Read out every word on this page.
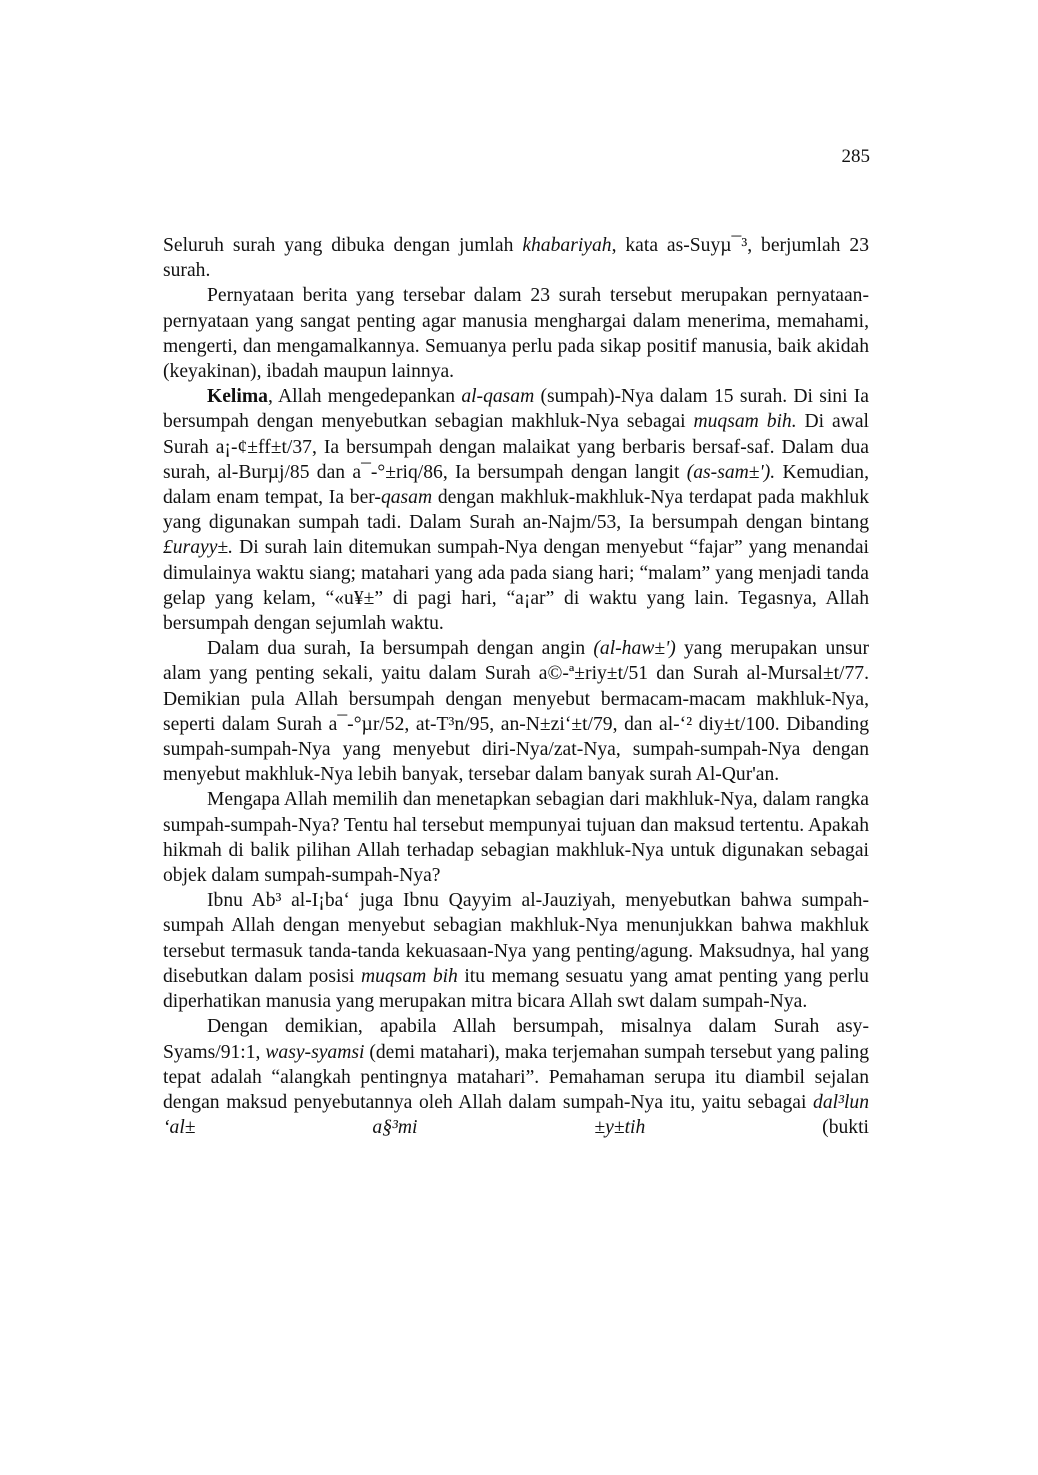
285

Seluruh surah yang dibuka dengan jumlah khabariyah, kata as-Suyµ¯³, berjumlah 23 surah.

Pernyataan berita yang tersebar dalam 23 surah tersebut merupakan pernyataan-pernyataan yang sangat penting agar manusia menghargai dalam menerima, memahami, mengerti, dan mengamalkannya. Semuanya perlu pada sikap positif manusia, baik akidah (keyakinan), ibadah maupun lainnya.

Kelima, Allah mengedepankan al-qasam (sumpah)-Nya dalam 15 surah. Di sini Ia bersumpah dengan menyebutkan sebagian makhluk-Nya sebagai muqsam bih. Di awal Surah a¡-¢±ff±t/37, Ia bersumpah dengan malaikat yang berbaris bersaf-saf. Dalam dua surah, al-Burµj/85 dan a¯-°±riq/86, Ia bersumpah dengan langit (as-sam±'). Kemudian, dalam enam tempat, Ia ber-qasam dengan makhluk-makhluk-Nya terdapat pada makhluk yang digunakan sumpah tadi. Dalam Surah an-Najm/53, Ia bersumpah dengan bintang £urayy±. Di surah lain ditemukan sumpah-Nya dengan menyebut “fajar” yang menandai dimulainya waktu siang; matahari yang ada pada siang hari; “malam” yang menjadi tanda gelap yang kelam, “«u¥±” di pagi hari, “a¡ar” di waktu yang lain. Tegasnya, Allah bersumpah dengan sejumlah waktu.

Dalam dua surah, Ia bersumpah dengan angin (al-haw±') yang merupakan unsur alam yang penting sekali, yaitu dalam Surah a©-ª±riy±t/51 dan Surah al-Mursal±t/77. Demikian pula Allah bersumpah dengan menyebut bermacam-macam makhluk-Nya, seperti dalam Surah a¯-°µr/52, at-T³n/95, an-N±zi‘±t/79, dan al-‘² diy±t/100. Dibanding sumpah-sumpah-Nya yang menyebut diri-Nya/zat-Nya, sumpah-sumpah-Nya dengan menyebut makhluk-Nya lebih banyak, tersebar dalam banyak surah Al-Qur'an.

Mengapa Allah memilih dan menetapkan sebagian dari makhluk-Nya, dalam rangka sumpah-sumpah-Nya? Tentu hal tersebut mempunyai tujuan dan maksud tertentu. Apakah hikmah di balik pilihan Allah terhadap sebagian makhluk-Nya untuk digunakan sebagai objek dalam sumpah-sumpah-Nya?

Ibnu Ab³ al-I¡ba‘ juga Ibnu Qayyim al-Jauziyah, menyebutkan bahwa sumpah-sumpah Allah dengan menyebut sebagian makhluk-Nya menunjukkan bahwa makhluk tersebut termasuk tanda-tanda kekuasaan-Nya yang penting/agung. Maksudnya, hal yang disebutkan dalam posisi muqsam bih itu memang sesuatu yang amat penting yang perlu diperhatikan manusia yang merupakan mitra bicara Allah swt dalam sumpah-Nya.

Dengan demikian, apabila Allah bersumpah, misalnya dalam Surah asy-Syams/91:1, wasy-syamsi (demi matahari), maka terjemahan sumpah tersebut yang paling tepat adalah “alangkah pentingnya matahari”. Pemahaman serupa itu diambil sejalan dengan maksud penyebutannya oleh Allah dalam sumpah-Nya itu, yaitu sebagai dal³lun ‘al± a§³mi ±y±tih (bukti
